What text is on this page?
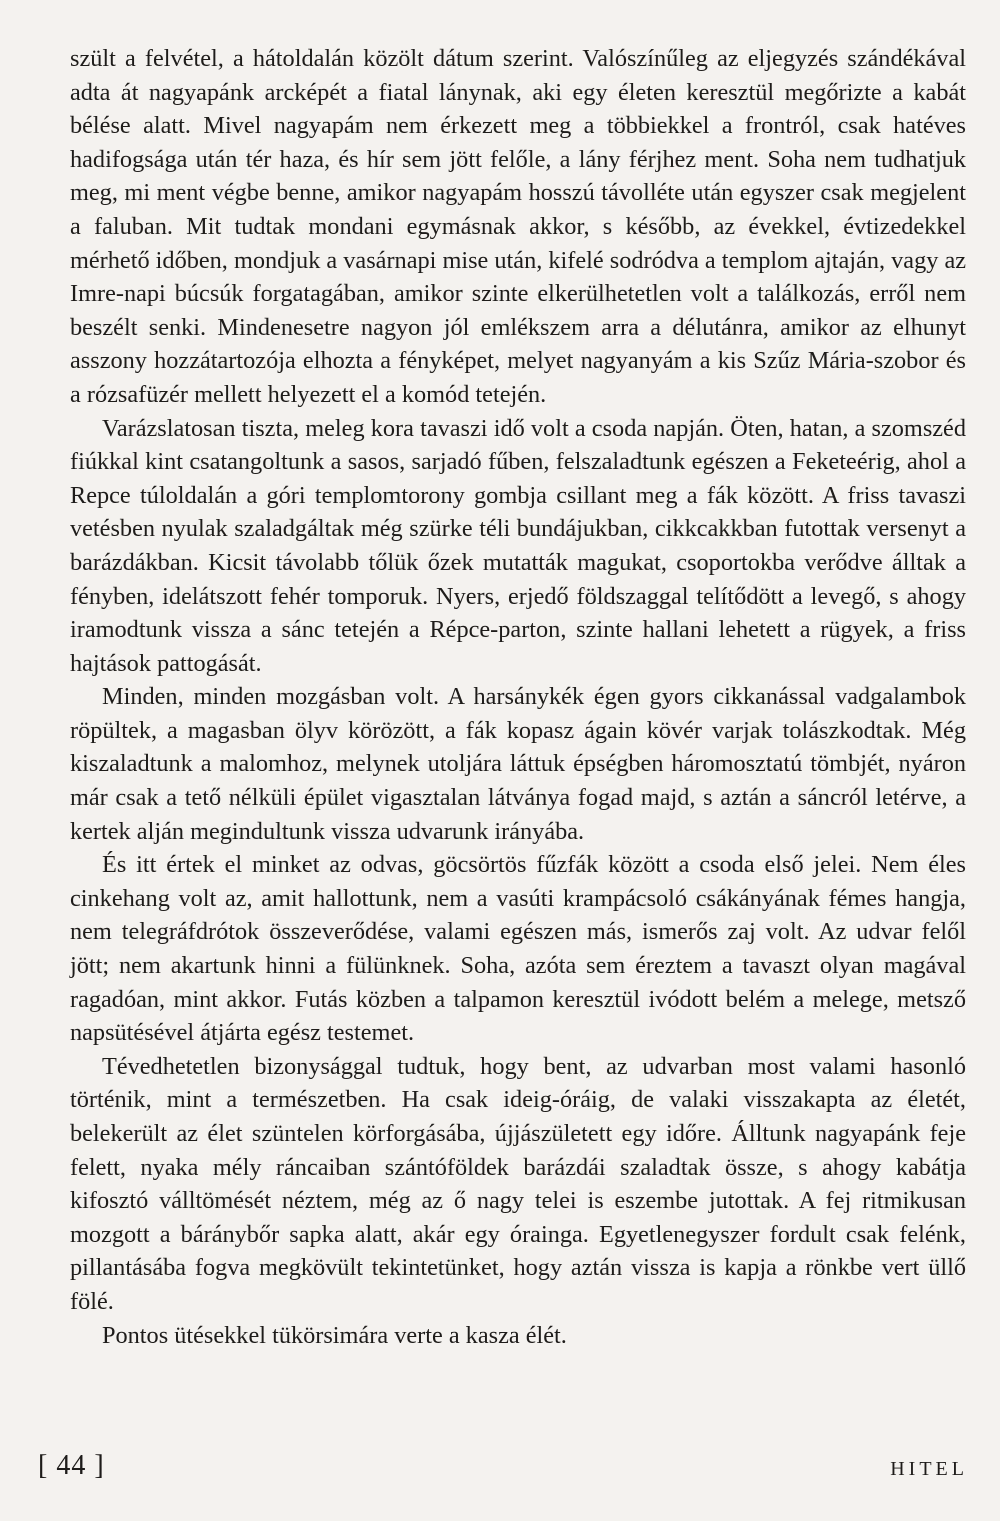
szült a felvétel, a hátoldalán közölt dátum szerint. Valószínűleg az eljegyzés szándékával adta át nagyapánk arcképét a fiatal lánynak, aki egy életen keresztül megőrizte a kabát bélése alatt. Mivel nagyapám nem érkezett meg a többiekkel a frontról, csak hatéves hadifogsága után tér haza, és hír sem jött felőle, a lány férjhez ment. Soha nem tudhatjuk meg, mi ment végbe benne, amikor nagyapám hosszú távolléte után egyszer csak megjelent a faluban. Mit tudtak mondani egymásnak akkor, s később, az évekkel, évtizedekkel mérhető időben, mondjuk a vasárnapi mise után, kifelé sodródva a templom ajtaján, vagy az Imre-napi búcsúk forgatagában, amikor szinte elkerülhetetlen volt a találkozás, erről nem beszélt senki. Mindenesetre nagyon jól emlékszem arra a délutánra, amikor az elhunyt asszony hozzátartozója elhozta a fényképet, melyet nagyanyám a kis Szűz Mária-szobor és a rózsafüzér mellett helyezett el a komód tetején.

Varázslatosan tiszta, meleg kora tavaszi idő volt a csoda napján. Öten, hatan, a szomszéd fiúkkal kint csatangoltunk a sasos, sarjadó fűben, felszaladtunk egészen a Feketeérig, ahol a Repce túloldalán a góri templomtorony gombja csillant meg a fák között. A friss tavaszi vetésben nyulak szaladgáltak még szürke téli bundájukban, cikkcakkban futottak versenyt a barázdákban. Kicsit távolabb tőlük őzek mutatták magukat, csoportokba verődve álltak a fényben, idelátszott fehér tomporuk. Nyers, erjedő földszaggal telítődött a levegő, s ahogy iramodtunk vissza a sánc tetején a Répce-parton, szinte hallani lehetett a rügyek, a friss hajtások pattogását.

Minden, minden mozgásban volt. A harsánykék égen gyors cikkanással vadgalambok röpültek, a magasban ölyv körözött, a fák kopasz ágain kövér varjak tolászkodtak. Még kiszaladtunk a malomhoz, melynek utoljára láttuk épségben háromosztatú tömbjét, nyáron már csak a tető nélküli épület vigasztalan látványa fogad majd, s aztán a sáncról letérve, a kertek alján megindultunk vissza udvarunk irányába.

És itt értek el minket az odvas, göcsörtös fűzfák között a csoda első jelei. Nem éles cinkehang volt az, amit hallottunk, nem a vasúti krampácsoló csákányának fémes hangja, nem telegráfdrótok összeverődése, valami egészen más, ismerős zaj volt. Az udvar felől jött; nem akartunk hinni a fülünknek. Soha, azóta sem éreztem a tavaszt olyan magával ragadóan, mint akkor. Futás közben a talpamon keresztül ivódott belém a melege, metsző napsütésével átjárta egész testemet.

Tévedhetetlen bizonysággal tudtuk, hogy bent, az udvarban most valami hasonló történik, mint a természetben. Ha csak ideig-óráig, de valaki visszakapta az életét, belekerült az élet szüntelen körforgásába, újjászületett egy időre. Álltunk nagyapánk feje felett, nyaka mély ráncaiban szántóföldek barázdái szaladtak össze, s ahogy kabátja kifosztó válltömését néztem, még az ő nagy telei is eszembe jutottak. A fej ritmikusan mozgott a báránybőr sapka alatt, akár egy óraingа. Egyetlenegyszer fordult csak felénk, pillantásába fogva megkövült tekintetünket, hogy aztán vissza is kapja a rönkbe vert üllő fölé.

Pontos ütésekkel tükörsimára verte a kasza élét.

[ 44 ]	HITEL
